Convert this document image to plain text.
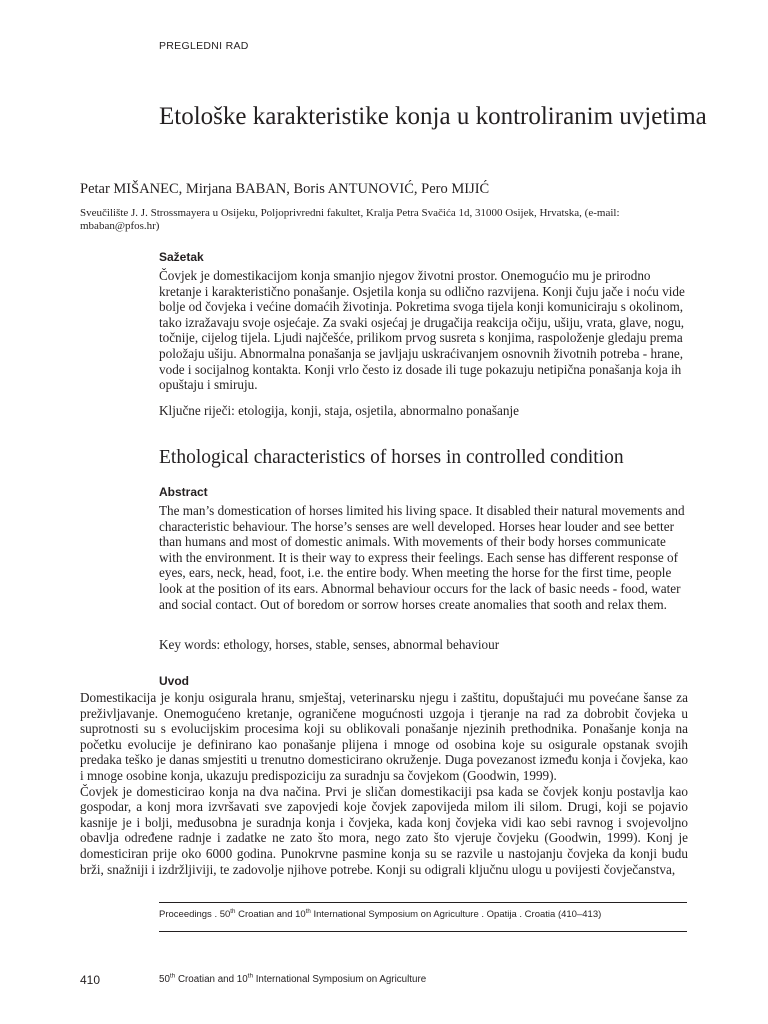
PREGLEDNI RAD
Etološke karakteristike konja u kontroliranim uvjetima
Petar MIŠANEC, Mirjana BABAN, Boris ANTUNOVIĆ, Pero MIJIĆ
Sveučilište J. J. Strossmayera u Osijeku, Poljoprivredni fakultet, Kralja Petra Svačića 1d, 31000 Osijek, Hrvatska, (e-mail: mbaban@pfos.hr)
Sažetak
Čovjek je domestikacijom konja smanjio njegov životni prostor. Onemogućio mu je prirodno kretanje i karakteristično ponašanje. Osjetila konja su odlično razvijena. Konji čuju jače i noću vide bolje od čovjeka i većine domaćih životinja. Pokretima svoga tijela konji komuniciraju s okolinom, tako izražavaju svoje osjećaje. Za svaki osjećaj je drugačija reakcija očiju, ušiju, vrata, glave, nogu, točnije, cijelog tijela. Ljudi najčešće, prilikom prvog susreta s konjima, raspoloženje gledaju prema položaju ušiju. Abnormalna ponašanja se javljaju uskraćivanjem osnovnih životnih potreba - hrane, vode i socijalnog kontakta. Konji vrlo često iz dosade ili tuge pokazuju netipična ponašanja koja ih opuštaju i smiruju.
Ključne riječi: etologija, konji, staja, osjetila, abnormalno ponašanje
Ethological characteristics of horses in controlled condition
Abstract
The man’s domestication of horses limited his living space. It disabled their natural movements and characteristic behaviour. The horse’s senses are well developed. Horses hear louder and see better than humans and most of domestic animals. With movements of their body horses communicate with the environment. It is their way to express their feelings. Each sense has different response of eyes, ears, neck, head, foot, i.e. the entire body. When meeting the horse for the first time, people look at the position of its ears. Abnormal behaviour occurs for the lack of basic needs - food, water and social contact. Out of boredom or sorrow horses create anomalies that sooth and relax them.
Key words: ethology, horses, stable, senses, abnormal behaviour
Uvod

Domestikacija je konju osigurala hranu, smještaj, veterinarsku njegu i zaštitu, dopuštajući mu povećane šanse za preživljavanje. Onemogućeno kretanje, ograničene mogućnosti uzgoja i tjeranje na rad za dobrobit čovjeka u suprotnosti su s evolucijskim procesima koji su oblikovali ponašanje njezinih prethodnika. Ponašanje konja na početku evolucije je definirano kao ponašanje plijena i mnoge od osobina koje su osigurale opstanak svojih predaka teško je danas smjestiti u trenutno domesticirano okruženje. Duga povezanost između konja i čovjeka, kao i mnoge osobine konja, ukazuju predispoziciju za suradnju sa čovjekom (Goodwin, 1999).

Čovjek je domesticirao konja na dva načina. Prvi je sličan domestikaciji psa kada se čovjek konju postavlja kao gospodar, a konj mora izvršavati sve zapovjedi koje čovjek zapovijeda milom ili silom. Drugi, koji se pojavio kasnije je i bolji, međusobna je suradnja konja i čovjeka, kada konj čovjeka vidi kao sebi ravnog i svojevoljno obavlja određene radnje i zadatke ne zato što mora, nego zato što vjeruje čovjeku (Goodwin, 1999). Konj je domesticiran prije oko 6000 godina. Punokrvne pasmine konja su se razvile u nastojanju čovjeka da konji budu brži, snažniji i izdržljiviji, te zadovolje njihove potrebe. Konji su odigrali ključnu ulogu u povijesti čovječanstva,

Proceedings . 50th Croatian and 10th International Symposium on Agriculture . Opatija . Croatia (410–413)
410	50th Croatian and 10th International Symposium on Agriculture
